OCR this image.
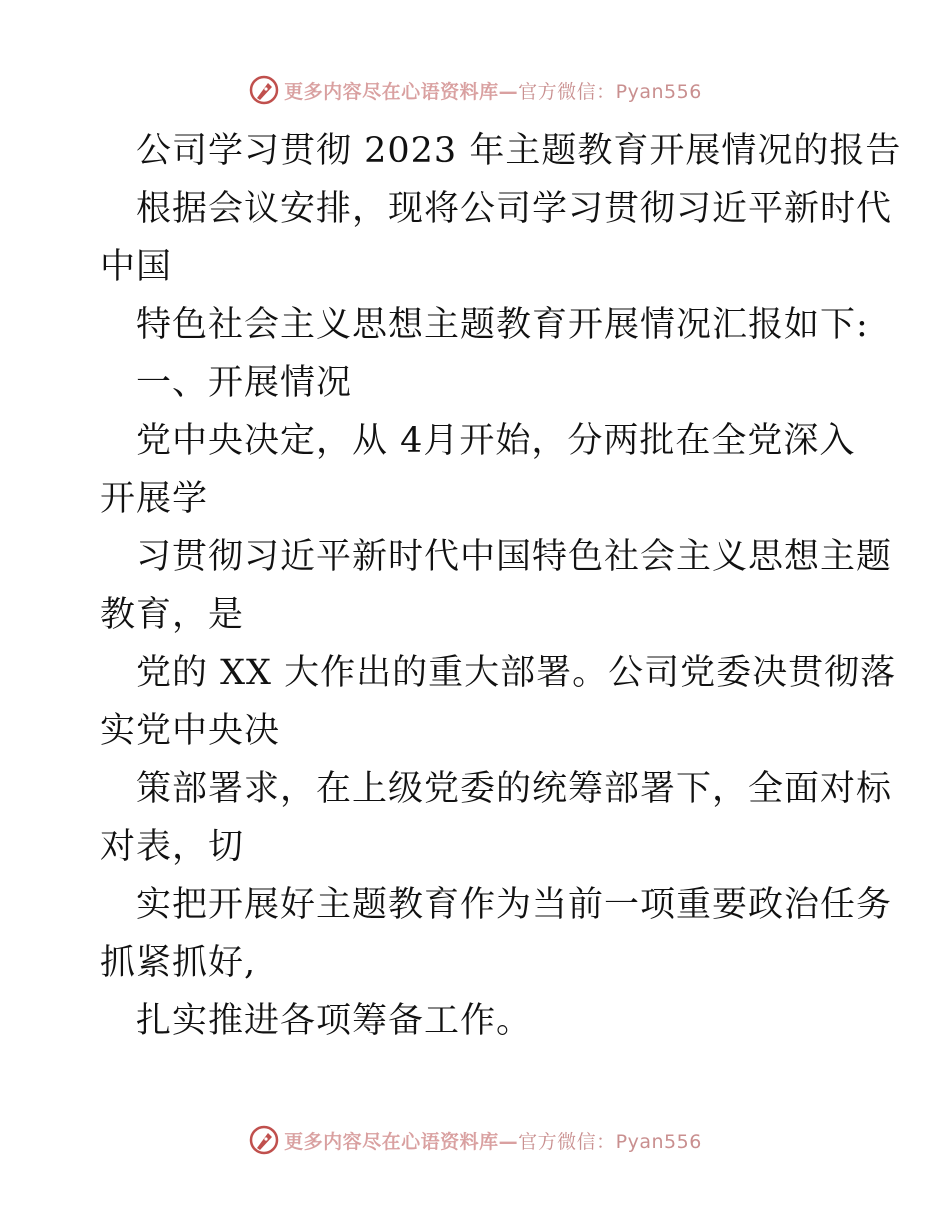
更多内容尽在心语资料库—官方微信：Pyan556
公司学习贯彻 2023 年主题教育开展情况的报告
根据会议安排，现将公司学习贯彻习近平新时代
中国
特色社会主义思想主题教育开展情况汇报如下:
一、开展情况
党中央决定，从 4月开始，分两批在全党深入
开展学
习贯彻习近平新时代中国特色社会主义思想主题
教育，是
党的 XX 大作出的重大部署。公司党委决贯彻落
实党中央决
策部署求，在上级党委的统筹部署下，全面对标
对表，切
实把开展好主题教育作为当前一项重要政治任务
抓紧抓好,
扎实推进各项筹备工作。
更多内容尽在心语资料库—官方微信：Pyan556
